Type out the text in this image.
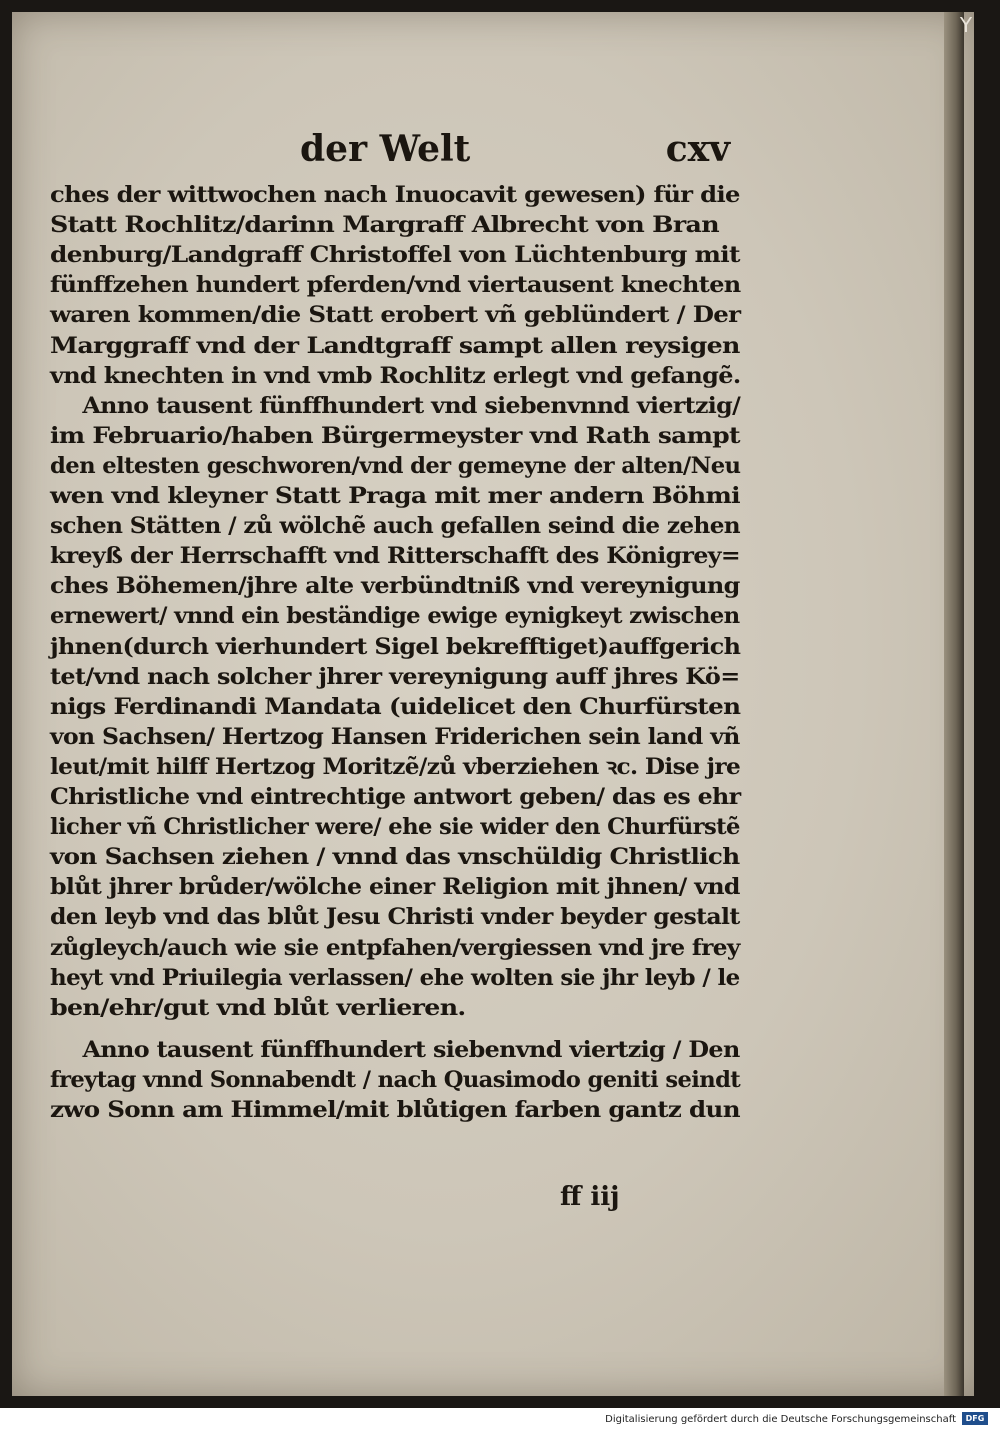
Y
der Welt	cxv
ches der wittwochen nach Inuocavit gewesen) für die
Statt Rochlitz/darinn Margraff Albrecht von Bran
denburg/Landgraff Christoffel von Lüchtenburg mit
fünffzehen hundert pferden/vnd viertausent knechten
waren kommen/die Statt erobert vñ geblündert / Der
Marggraff vnd der Landtgraff sampt allen reysigen
vnd knechten in vnd vmb Rochlitz erlegt vnd gefangẽ.
Anno tausent fünffhundert vnd siebenvnnd viertzig/
im Februario/haben Bürgermeyster vnd Rath sampt
den eltesten geschworen/vnd der gemeyne der alten/Neu
wen vnd kleyner Statt Praga mit mer andern Böhmi
schen Stätten / zů wölchẽ auch gefallen seind die zehen
kreyß der Herrschafft vnd Ritterschafft des Königrey=
ches Böhemen/jhre alte verbündtniß vnd vereynigung
ernewert/ vnnd ein beständige ewige eynigkeyt zwischen
jhnen(durch vierhundert Sigel bekrefftiget)auffgerich
tet/vnd nach solcher jhrer vereynigung auff jhres Kö=
nigs Ferdinandi Mandata (uidelicet den Churfürsten
von Sachsen/ Hertzog Hansen Friderichen sein land vñ
leut/mit hilff Hertzog Moritzẽ/zů vberziehen ꝛc. Dise jre
Christliche vnd eintrechtige antwort geben/ das es ehr
licher vñ Christlicher were/ ehe sie wider den Churfürstẽ
von Sachsen ziehen / vnnd das vnschüldig Christlich
blůt jhrer brůder/wölche einer Religion mit jhnen/ vnd
den leyb vnd das blůt Jesu Christi vnder beyder gestalt
zůgleych/auch wie sie entpfahen/vergiessen vnd jre frey
heyt vnd Priuilegia verlassen/ ehe wolten sie jhr leyb / le
ben/ehr/gut vnd blůt verlieren.
Anno tausent fünffhundert siebenvnd viertzig / Den
freytag vnnd Sonnabendt / nach Quasimodo geniti seindt
zwo Sonn am Himmel/mit blůtigen farben gantz dun
ff iij
Digitalisierung gefördert durch die Deutsche Forschungsgemeinschaft	DFG
